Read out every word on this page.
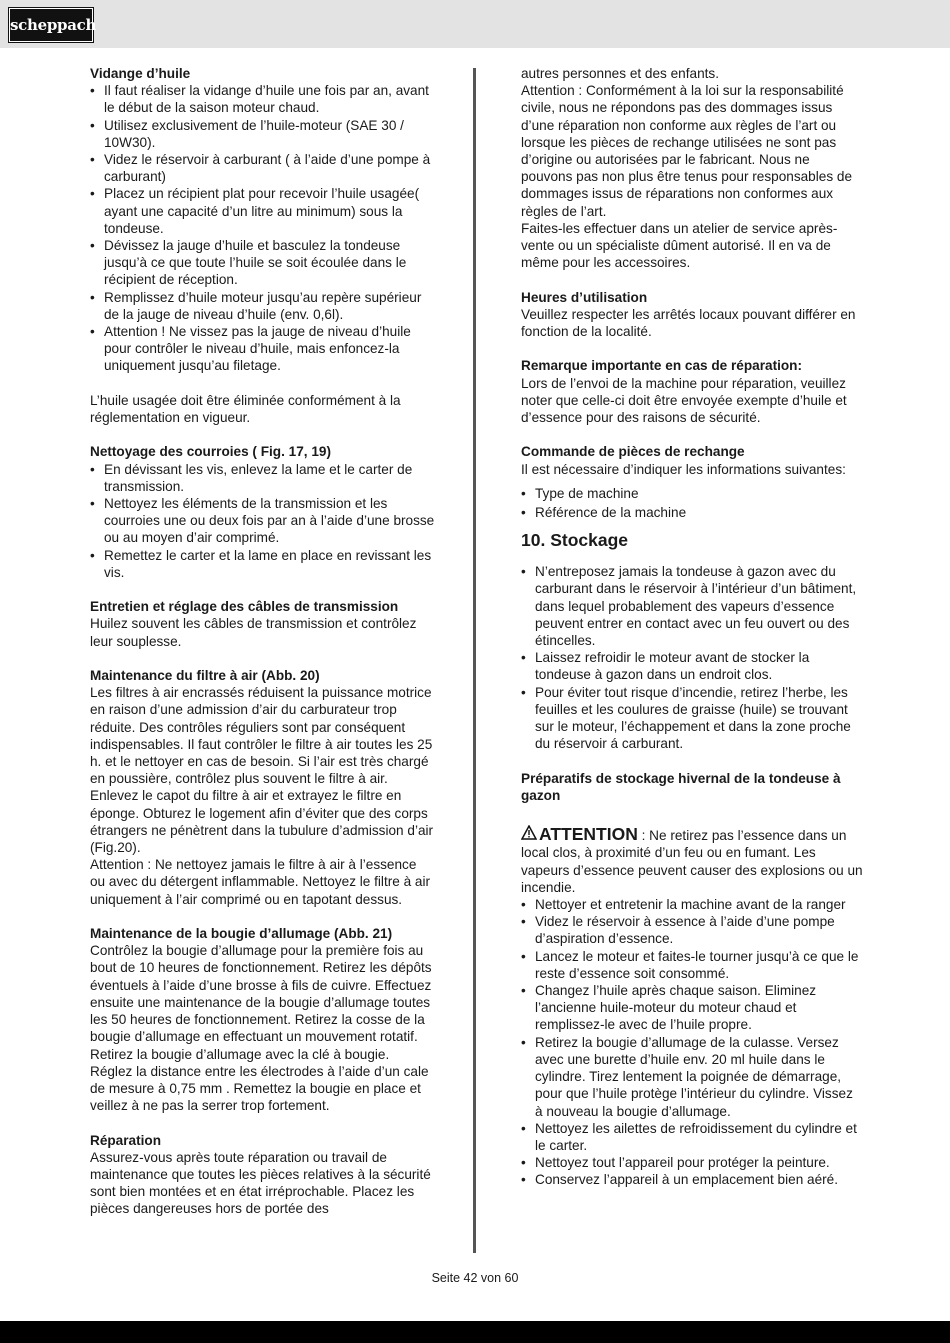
scheppach
Vidange d’huile
• Il faut réaliser la vidange d’huile une fois par an, avant le début de la saison moteur chaud.
• Utilisez exclusivement de l’huile-moteur (SAE 30 / 10W30).
• Videz le réservoir à carburant ( à l’aide d’une pompe à carburant)
• Placez un récipient plat pour recevoir l’huile usagée( ayant une capacité d’un litre au minimum) sous la tondeuse.
• Dévissez la jauge d’huile et basculez la tondeuse jusqu’à ce que toute l’huile se soit écoulée dans le récipient de réception.
• Remplissez d’huile moteur jusqu’au repère supérieur de la jauge de niveau d’huile (env. 0,6l).
• Attention ! Ne vissez pas la jauge de niveau d’huile pour contrôler le niveau d’huile, mais enfoncez-la uniquement jusqu’au filetage.

L’huile usagée doit être éliminée conformément à la réglementation en vigueur.

Nettoyage des courroies ( Fig. 17, 19)
• En dévissant les vis, enlevez la lame et le carter de transmission.
• Nettoyez les éléments de la transmission et les courroies une ou deux fois par an à l’aide d’une brosse ou au moyen d’air comprimé.
• Remettez le carter et la lame en place en revissant les vis.
Entretien et réglage des câbles de transmission

Huilez souvent les câbles de transmission et contrôlez leur souplesse.

Maintenance du filtre à air (Abb. 20)

Les filtres à air encrassés réduisent la puissance motrice en raison d’une admission d’air du carburateur trop réduite. Des contrôles réguliers sont par conséquent indispensables. Il faut contrôler le filtre à air toutes les 25 h. et le nettoyer en cas de besoin. Si l’air est très chargé en poussière, contrôlez plus souvent le filtre à air. Enlevez le capot du filtre à air et extrayez le filtre en éponge. Obturez le logement afin d’éviter que des corps étrangers ne pénètrent dans la tubulure d’admission d’air (Fig.20).

Attention : Ne nettoyez jamais le filtre à air à l’essence ou avec du détergent inflammable. Nettoyez le filtre à air uniquement à l’air comprimé ou en tapotant dessus.

Maintenance de la bougie d’allumage (Abb. 21)

Contrôlez la bougie d’allumage pour la première fois au bout de 10 heures de fonctionnement. Retirez les dépôts éventuels à l’aide d’une brosse à fils de cuivre. Effectuez ensuite une maintenance de la bougie d’allumage toutes les 50 heures de fonctionnement. Retirez la cosse de la bougie d’allumage en effectuant un mouvement rotatif.

Retirez la bougie d’allumage avec la clé à bougie. Réglez la distance entre les électrodes à l’aide d’un cale de mesure à 0,75 mm . Remettez la bougie en place et veillez à ne pas la serrer trop fortement.

Réparation

Assurez-vous après toute réparation ou travail de maintenance que toutes les pièces relatives à la sécurité sont bien montées et en état irréprochable. Placez les pièces dangereuses hors de portée des

autres personnes et des enfants.

Attention : Conformément à la loi sur la responsabilité civile, nous ne répondons pas des dommages issus d’une réparation non conforme aux règles de l’art ou lorsque les pièces de rechange utilisées ne sont pas d’origine ou autorisées par le fabricant. Nous ne pouvons pas non plus être tenus pour responsables de dommages issus de réparations non conformes aux règles de l’art.

Faites-les effectuer dans un atelier de service après-vente ou un spécialiste dûment autorisé. Il en va de même pour les accessoires.

Heures d’utilisation

Veuillez respecter les arrêtés locaux pouvant différer en fonction de la localité.

Remarque importante en cas de réparation:

Lors de l’envoi de la machine pour réparation, veuillez noter que celle-ci doit être envoyée exempte d’huile et d’essence pour des raisons de sécurité.

Commande de pièces de rechange

Il est nécessaire d’indiquer les informations suivantes:

• Type de machine
• Référence de la machine
10. Stockage
• N’entreposez jamais la tondeuse à gazon avec du carburant dans le réservoir à l’intérieur d’un bâtiment, dans lequel probablement des vapeurs d’essence peuvent entrer en contact avec un feu ouvert ou des étincelles.
• Laissez refroidir le moteur avant de stocker la tondeuse à gazon dans un endroit clos.
• Pour éviter tout risque d’incendie, retirez l’herbe, les feuilles et les coulures de graisse (huile) se trouvant sur le moteur, l’échappement et dans la zone proche du réservoir á carburant.
Préparatifs de stockage hivernal de la tondeuse à gazon

ATTENTION : Ne retirez pas l’essence dans un local clos, à proximité d’un feu ou en fumant. Les vapeurs d’essence peuvent causer des explosions ou un incendie.

• Nettoyer et entretenir la machine avant de la ranger
• Videz le réservoir à essence à l’aide d’une pompe d’aspiration d’essence.
• Lancez le moteur et faites-le tourner jusqu’à ce que le reste d’essence soit consommé.
• Changez l’huile après chaque saison. Eliminez l’ancienne huile-moteur du moteur chaud et remplissez-le avec de l’huile propre.
• Retirez la bougie d’allumage de la culasse. Versez avec une burette d’huile env. 20 ml huile dans le cylindre. Tirez lentement la poignée de démarrage, pour que l’huile protège l’intérieur du cylindre. Vissez à nouveau la bougie d’allumage.
• Nettoyez les ailettes de refroidissement du cylindre et le carter.
• Nettoyez tout l’appareil pour protéger la peinture.
• Conservez l’appareil à un emplacement bien aéré.
Seite 42 von 60
